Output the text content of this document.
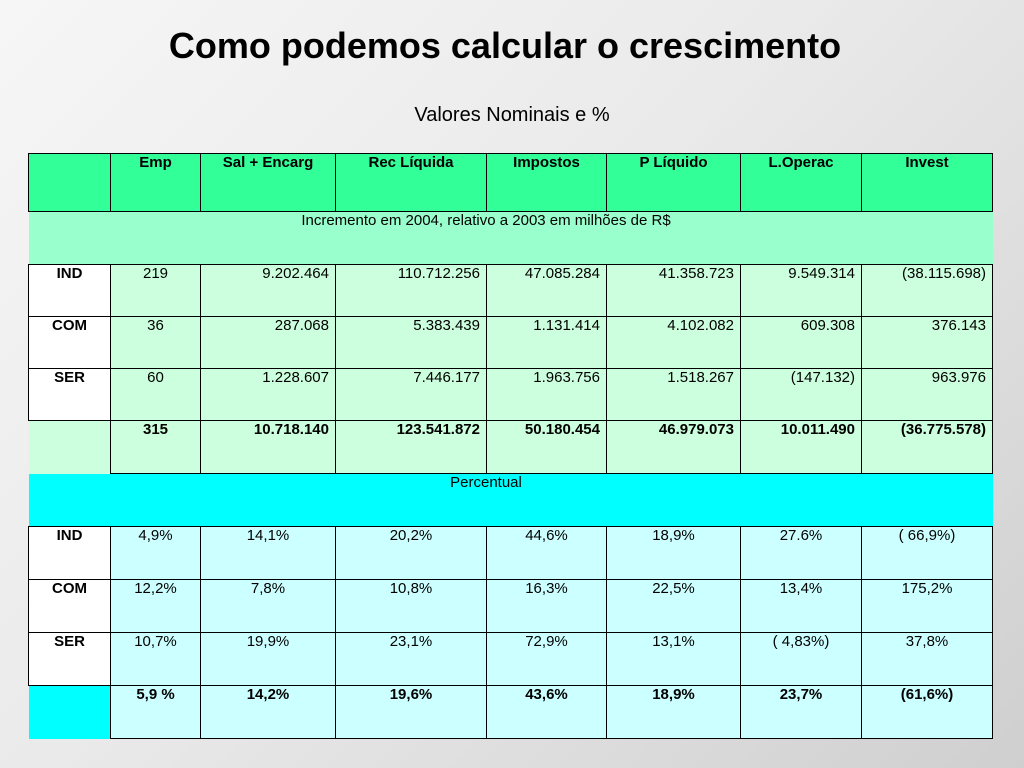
Como podemos calcular o crescimento
Valores Nominais e %
	Emp	Sal + Encarg	Rec Líquida	Impostos	P Líquido	L.Operac	Invest
	Incremento em 2004, relativo a 2003 em milhões de R$						
IND	219	9.202.464	110.712.256	47.085.284	41.358.723	9.549.314	(38.115.698)
COM	36	287.068	5.383.439	1.131.414	4.102.082	609.308	376.143
SER	60	1.228.607	7.446.177	1.963.756	1.518.267	(147.132)	963.976
	315	10.718.140	123.541.872	50.180.454	46.979.073	10.011.490	(36.775.578)
	Percentual						
IND	4,9%	14,1%	20,2%	44,6%	18,9%	27.6%	( 66,9%)
COM	12,2%	7,8%	10,8%	16,3%	22,5%	13,4%	175,2%
SER	10,7%	19,9%	23,1%	72,9%	13,1%	( 4,83%)	37,8%
	5,9 %	14,2%	19,6%	43,6%	18,9%	23,7%	(61,6%)
